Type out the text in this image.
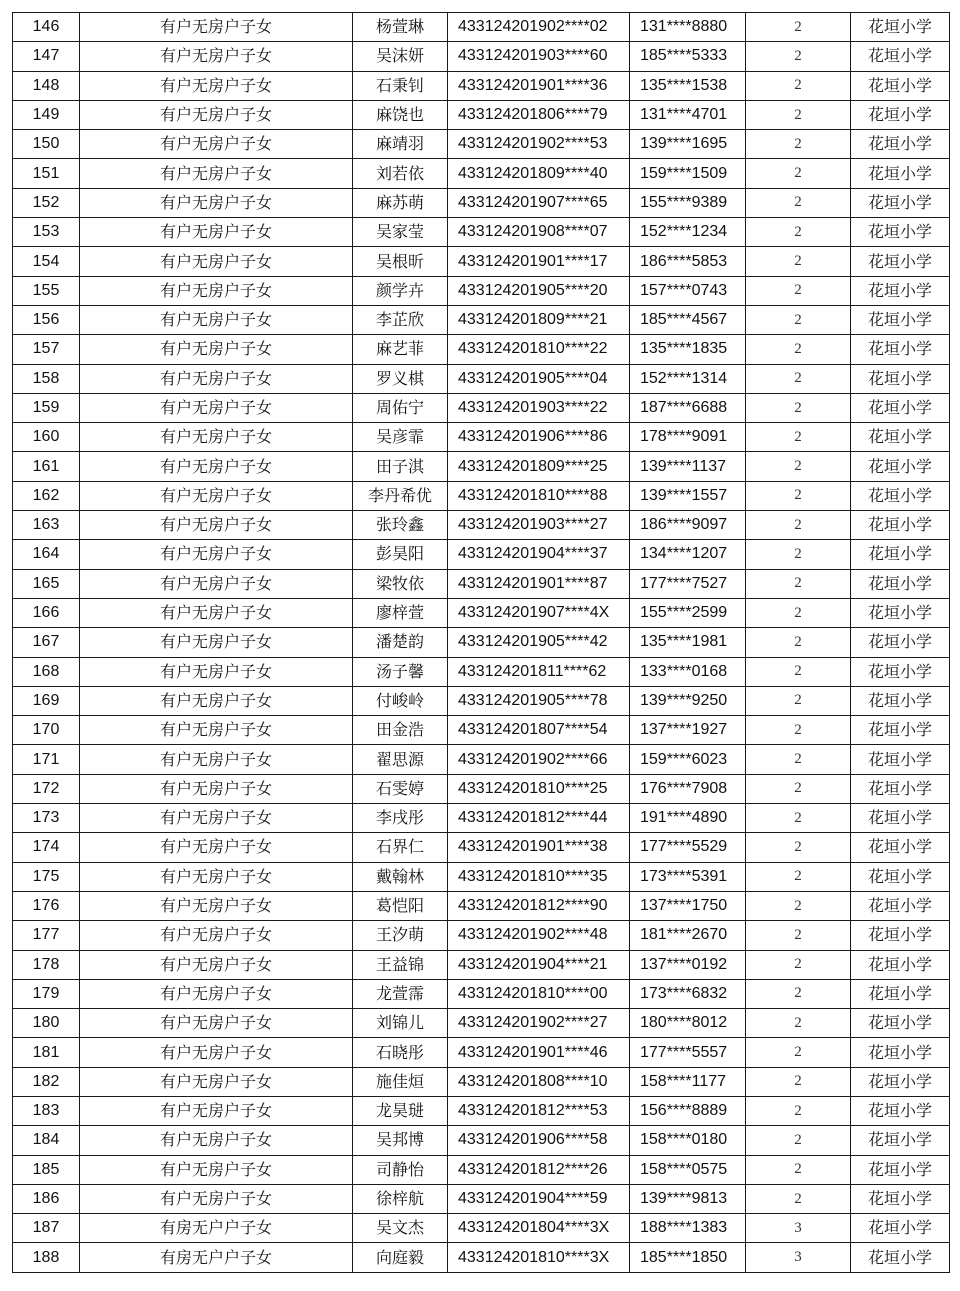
146	有户无房户子女	杨萱琳	433124201902****02	131****8880	2	花垣小学
147	有户无房户子女	吴沫妍	433124201903****60	185****5333	2	花垣小学
148	有户无房户子女	石秉钊	433124201901****36	135****1538	2	花垣小学
149	有户无房户子女	麻饶也	433124201806****79	131****4701	2	花垣小学
150	有户无房户子女	麻靖羽	433124201902****53	139****1695	2	花垣小学
151	有户无房户子女	刘若依	433124201809****40	159****1509	2	花垣小学
152	有户无房户子女	麻苏萌	433124201907****65	155****9389	2	花垣小学
153	有户无房户子女	吴家莹	433124201908****07	152****1234	2	花垣小学
154	有户无房户子女	吴根昕	433124201901****17	186****5853	2	花垣小学
155	有户无房户子女	颜学卉	433124201905****20	157****0743	2	花垣小学
156	有户无房户子女	李芷欣	433124201809****21	185****4567	2	花垣小学
157	有户无房户子女	麻艺菲	433124201810****22	135****1835	2	花垣小学
158	有户无房户子女	罗义棋	433124201905****04	152****1314	2	花垣小学
159	有户无房户子女	周佑宁	433124201903****22	187****6688	2	花垣小学
160	有户无房户子女	吴彦霏	433124201906****86	178****9091	2	花垣小学
161	有户无房户子女	田子淇	433124201809****25	139****1137	2	花垣小学
162	有户无房户子女	李丹希优	433124201810****88	139****1557	2	花垣小学
163	有户无房户子女	张玲鑫	433124201903****27	186****9097	2	花垣小学
164	有户无房户子女	彭昊阳	433124201904****37	134****1207	2	花垣小学
165	有户无房户子女	梁牧依	433124201901****87	177****7527	2	花垣小学
166	有户无房户子女	廖梓萱	433124201907****4X	155****2599	2	花垣小学
167	有户无房户子女	潘楚韵	433124201905****42	135****1981	2	花垣小学
168	有户无房户子女	汤子馨	433124201811****62	133****0168	2	花垣小学
169	有户无房户子女	付峻岭	433124201905****78	139****9250	2	花垣小学
170	有户无房户子女	田金浩	433124201807****54	137****1927	2	花垣小学
171	有户无房户子女	翟思源	433124201902****66	159****6023	2	花垣小学
172	有户无房户子女	石雯婷	433124201810****25	176****7908	2	花垣小学
173	有户无房户子女	李戌彤	433124201812****44	191****4890	2	花垣小学
174	有户无房户子女	石界仁	433124201901****38	177****5529	2	花垣小学
175	有户无房户子女	戴翰林	433124201810****35	173****5391	2	花垣小学
176	有户无房户子女	葛恺阳	433124201812****90	137****1750	2	花垣小学
177	有户无房户子女	王汐萌	433124201902****48	181****2670	2	花垣小学
178	有户无房户子女	王益锦	433124201904****21	137****0192	2	花垣小学
179	有户无房户子女	龙萱霈	433124201810****00	173****6832	2	花垣小学
180	有户无房户子女	刘锦儿	433124201902****27	180****8012	2	花垣小学
181	有户无房户子女	石晓彤	433124201901****46	177****5557	2	花垣小学
182	有户无房户子女	施佳烜	433124201808****10	158****1177	2	花垣小学
183	有户无房户子女	龙昊琎	433124201812****53	156****8889	2	花垣小学
184	有户无房户子女	吴邦博	433124201906****58	158****0180	2	花垣小学
185	有户无房户子女	司静怡	433124201812****26	158****0575	2	花垣小学
186	有户无房户子女	徐梓航	433124201904****59	139****9813	2	花垣小学
187	有房无户户子女	吴文杰	433124201804****3X	188****1383	3	花垣小学
188	有房无户户子女	向庭毅	433124201810****3X	185****1850	3	花垣小学
